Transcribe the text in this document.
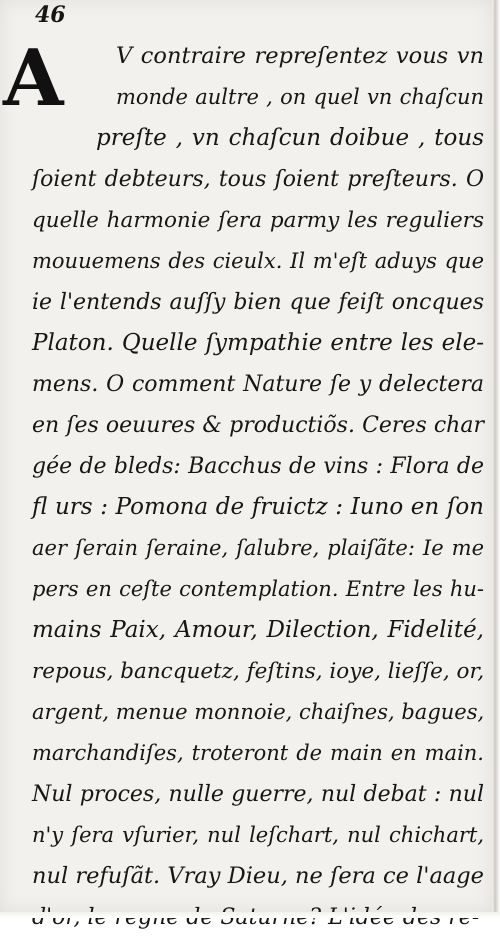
46
A	V contraire repreſentez vous vn
monde aultre , on quel vn chaſcun
preſte , vn chaſcun doibue , tous
ſoient debteurs, tous ſoient preſteurs. O
quelle harmonie ſera parmy les reguliers
mouuemens des cieulx. Il m'eſt aduys que
ie l'entends auſſy bien que feiſt oncques
Platon. Quelle ſympathie entre les ele-
mens. O comment Nature ſe y delectera
en ſes oeuures & productiõs. Ceres char
gée de bleds: Bacchus de vins : Flora de
fl urs : Pomona de fruictz : Iuno en ſon
aer ſerain ſeraine, ſalubre, plaiſãte: Ie me
pers en ceſte contemplation. Entre les hu-
mains Paix, Amour, Dilection, Fidelité,
repous, bancquetz, feſtins, ioye, lieſſe, or,
argent, menue monnoie, chaiſnes, bagues,
marchandiſes, troteront de main en main.
Nul proces, nulle guerre, nul debat : nul
n'y ſera vſurier, nul leſchart, nul chichart,
nul refuſãt. Vray Dieu, ne ſera ce l'aage
